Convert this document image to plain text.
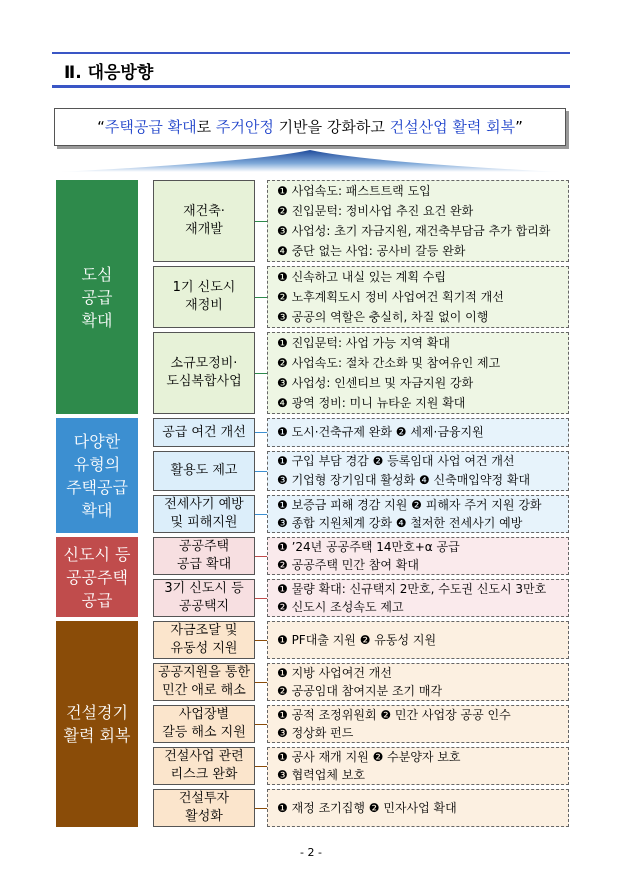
Ⅱ. 대응방향
“주택공급 확대로 주거안정 기반을 강화하고 건설산업 활력 회복”
도심
공급
확대
다양한
유형의
주택공급
확대
신도시 등
공공주택
공급
건설경기
활력 회복
재건축·
재개발
❶ 사업속도: 패스트트랙 도입
❷ 진입문턱: 정비사업 추진 요건 완화
❸ 사업성: 초기 자금지원, 재건축부담금 추가 합리화
❹ 중단 없는 사업: 공사비 갈등 완화
1기 신도시
재정비
❶ 신속하고 내실 있는 계획 수립
❷ 노후계획도시 정비 사업여건 획기적 개선
❸ 공공의 역할은 충실히, 차질 없이 이행
소규모정비·
도심복합사업
❶ 진입문턱: 사업 가능 지역 확대
❷ 사업속도: 절차 간소화 및 참여유인 제고
❸ 사업성: 인센티브 및 자금지원 강화
❹ 광역 정비: 미니 뉴타운 지원 확대
공급 여건 개선	❶ 도시·건축규제 완화 ❷ 세제·금융지원
활용도 제고
❶ 구입 부담 경감 ❷ 등록임대 사업 여건 개선
❸ 기업형 장기임대 활성화 ❹ 신축매입약정 확대
전세사기 예방
및 피해지원
❶ 보증금 피해 경감 지원 ❷ 피해자 주거 지원 강화
❸ 종합 지원체계 강화 ❹ 철저한 전세사기 예방
공공주택
공급 확대
❶ ’24년 공공주택 14만호+α 공급
❷ 공공주택 민간 참여 확대
3기 신도시 등
공공택지
❶ 물량 확대: 신규택지 2만호, 수도권 신도시 3만호
❷ 신도시 조성속도 제고
자금조달 및
유동성 지원
❶ PF대출 지원 ❷ 유동성 지원
공공지원을 통한
민간 애로 해소
❶ 지방 사업여건 개선
❷ 공공임대 참여지분 조기 매각
사업장별
갈등 해소 지원
❶ 공적 조정위원회 ❷ 민간 사업장 공공 인수
❸ 정상화 펀드
건설사업 관련
리스크 완화
❶ 공사 재개 지원 ❷ 수분양자 보호
❸ 협력업체 보호
건설투자
활성화
❶ 재정 조기집행 ❷ 민자사업 확대
- 2 -
